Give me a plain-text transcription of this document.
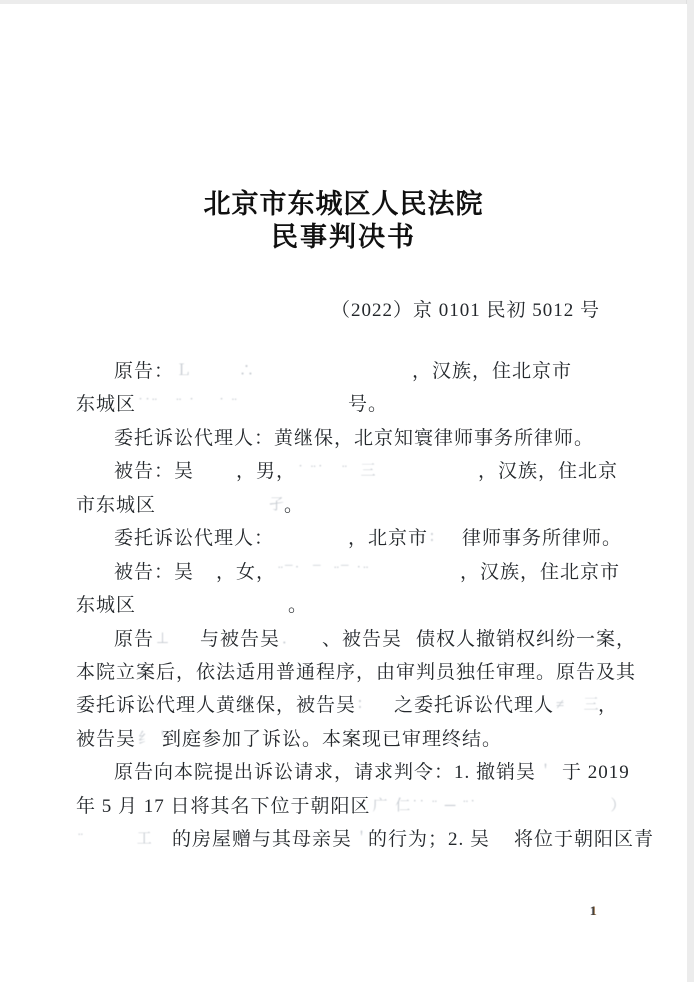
北京市东城区人民法院
民事判决书
（2022）京 0101 民初 5012 号
原告： Ｌ        ∴	，汉族，住北京市
东城区 ˙˙¨   ¨ ˙    ˙ ¨	号。
委托诉讼代理人：黄继保，北京知寰律师事务所律师。
被告：吴 ，男， ˙ ¨˙   ¨  三	，汉族，住北京
市东城区	孑
。
委托诉讼代理人：	，北京市 ∶	律师事务所律师。
被告：吴 ，女， ¨¯˙  ¯  ¨¯ ˙¨	，汉族，住北京市
东城区	。
原告 ⊥	与被告吴 ．	、被告吴 债权人撤销权纠纷一案，
本院立案后，依法适用普通程序，由审判员独任审理。原告及其
委托诉讼代理人黄继保，被告吴 ∶	之委托诉讼代理人 ≠   三
，
被告吴 纟＇
到庭参加了诉讼。本案现已审理终结。
原告向本院提出诉讼请求，请求判令：1. 撤销吴 ＇ 于 2019
年 5 月 17 日将其名下位于朝阳区 广 仁˙˙ ¨ ─ ¨˙	）
¨         工 的房屋赠与其母亲吴 ＇
的行为；2. 吴 将位于朝阳区青
1
